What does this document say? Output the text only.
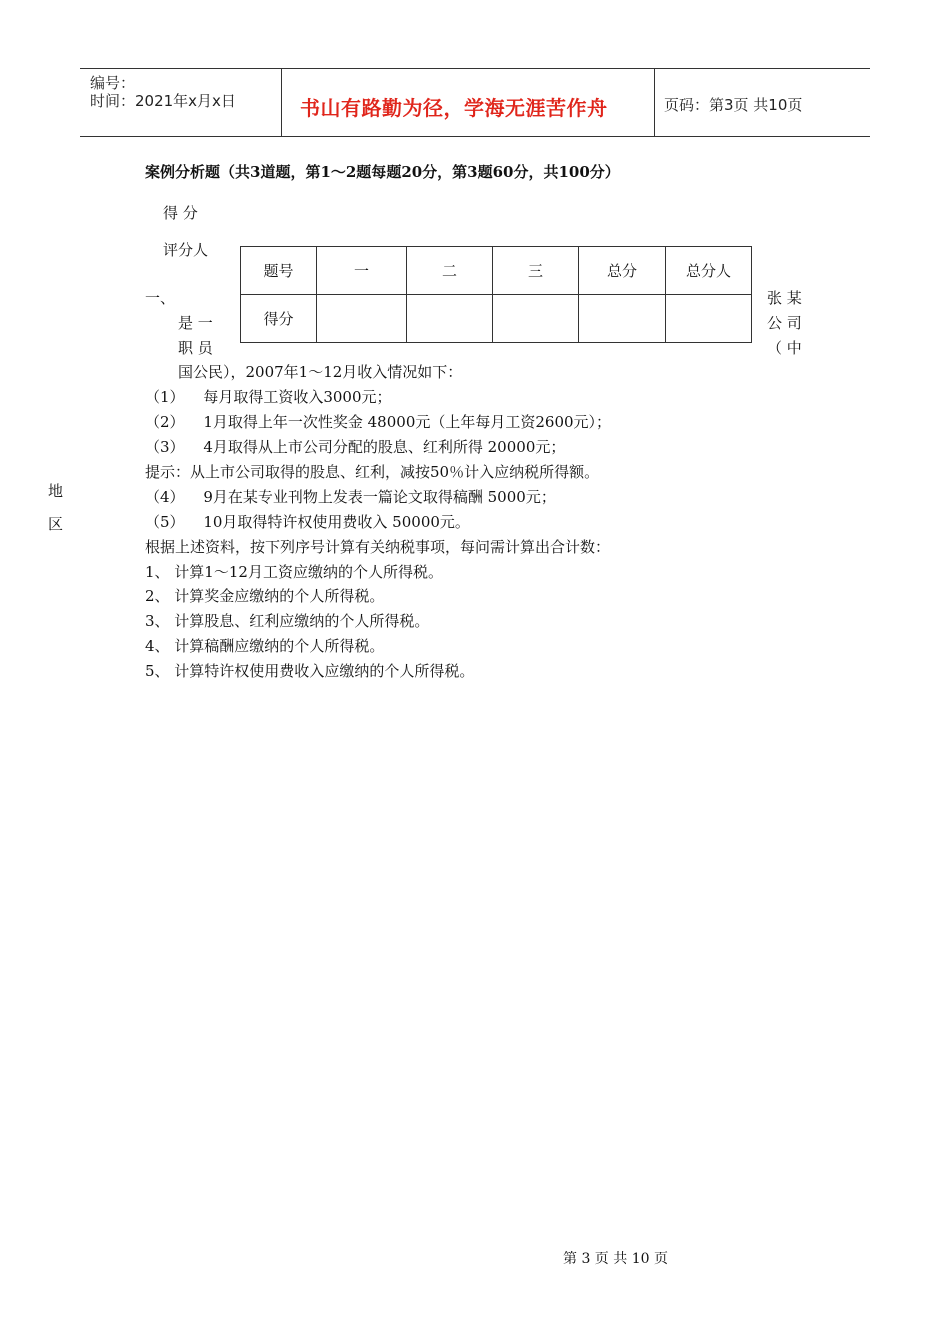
编号：
时间：2021年x月x日	书山有路勤为径，学海无涯苦作舟	页码：第3页 共10页
案例分析题（共3道题，第1～2题每题20分，第3题60分，共100分）
得 分
评分人
题号	一	二	三	总分	总分人
得分					
一、	张 某
是 一	公 司
职 员	（ 中
国公民），2007年1～12月收入情况如下：
（1） 每月取得工资收入3000元；
（2） 1月取得上年一次性奖金 48000元（上年每月工资2600元）；
（3） 4月取得从上市公司分配的股息、红利所得 20000元；
提示：从上市公司取得的股息、红利，减按50％计入应纳税所得额。
（4） 9月在某专业刊物上发表一篇论文取得稿酬 5000元；
（5） 10月取得特许权使用费收入 50000元。
根据上述资料，按下列序号计算有关纳税事项，每问需计算出合计数：
1、 计算1～12月工资应缴纳的个人所得税。
2、 计算奖金应缴纳的个人所得税。
3、 计算股息、红利应缴纳的个人所得税。
4、 计算稿酬应缴纳的个人所得税。
5、 计算特许权使用费收入应缴纳的个人所得税。
地
区
第 3 页 共 10 页
